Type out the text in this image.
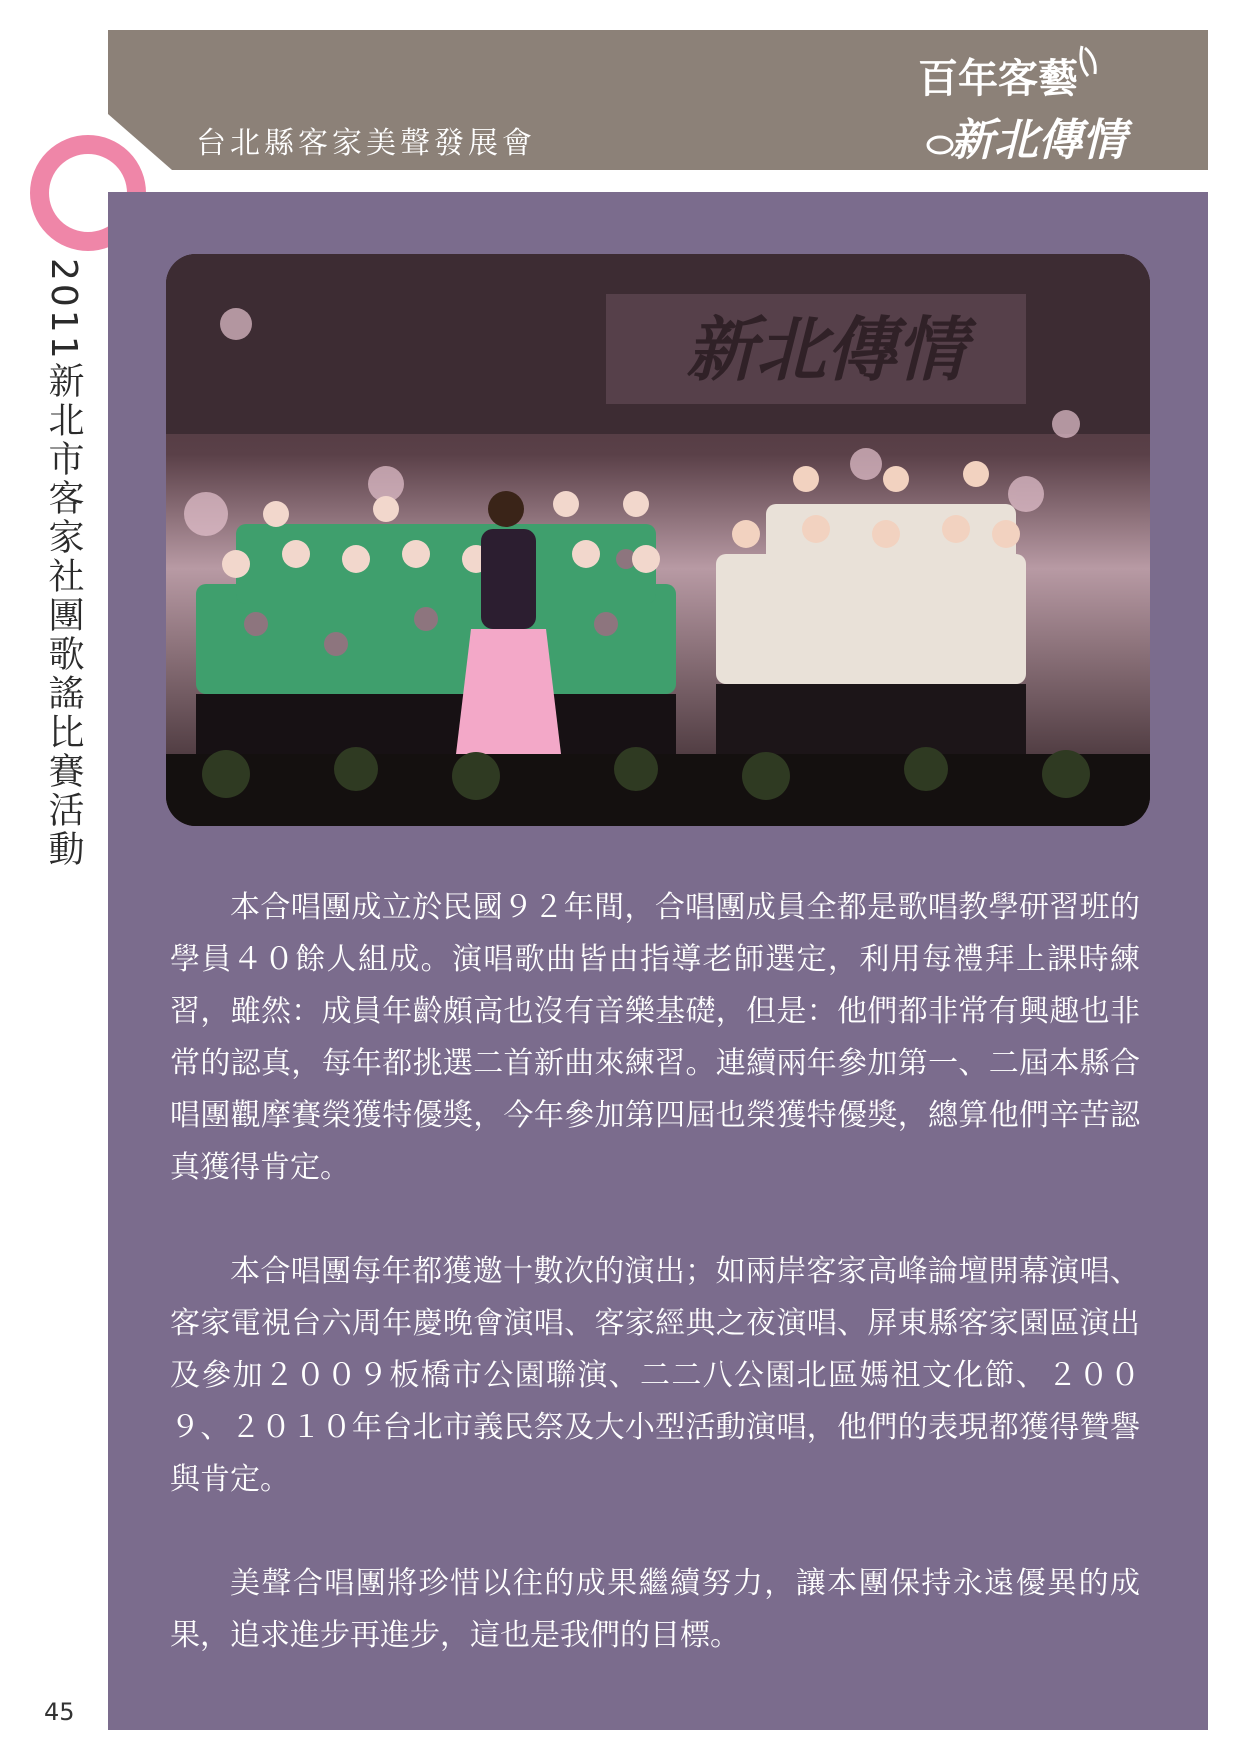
台北縣客家美聲發展會
百年客藝
新北傳情
2011新北市客家社團歌謠比賽活動
45
新北傳情

本合唱團成立於民國９２年間，合唱團成員全都是歌唱教學研習班的學員４０餘人組成。演唱歌曲皆由指導老師選定，利用每禮拜上課時練習，雖然：成員年齡頗高也沒有音樂基礎，但是：他們都非常有興趣也非常的認真，每年都挑選二首新曲來練習。連續兩年參加第一、二屆本縣合唱團觀摩賽榮獲特優獎，今年參加第四屆也榮獲特優獎，總算他們辛苦認真獲得肯定。

本合唱團每年都獲邀十數次的演出；如兩岸客家高峰論壇開幕演唱、客家電視台六周年慶晚會演唱、客家經典之夜演唱、屏東縣客家園區演出及參加２００９板橋市公園聯演、二二八公園北區媽祖文化節、２００９、２０１０年台北市義民祭及大小型活動演唱，他們的表現都獲得贊譽與肯定。

美聲合唱團將珍惜以往的成果繼續努力，讓本團保持永遠優異的成果，追求進步再進步，這也是我們的目標。
